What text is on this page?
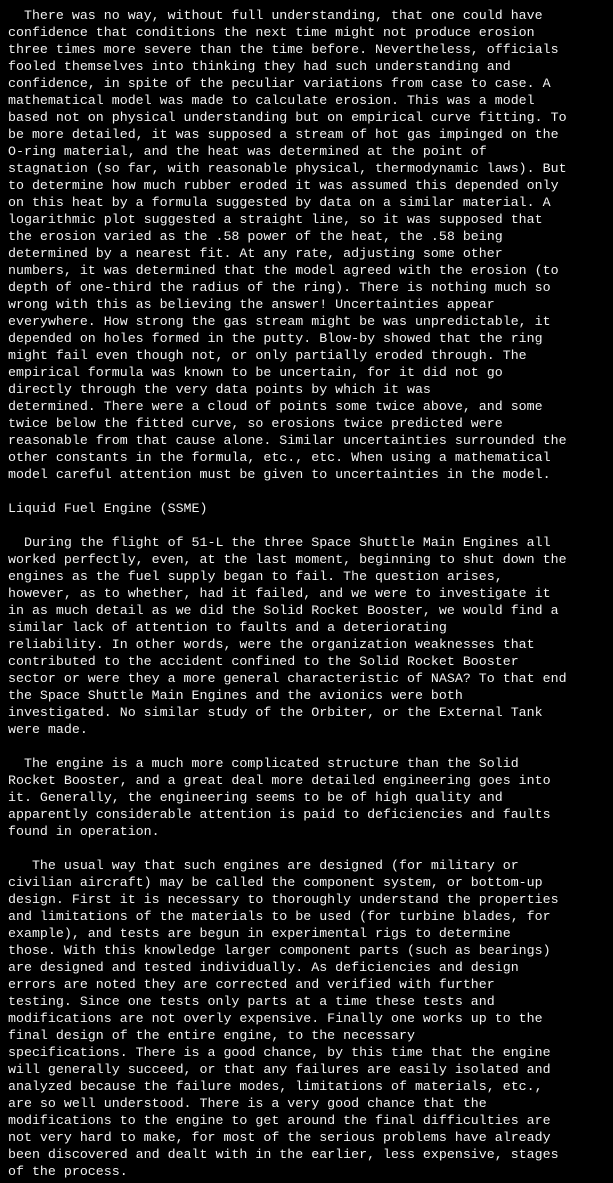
There was no way, without full understanding, that one could have
confidence that conditions the next time might not produce erosion
three times more severe than the time before. Nevertheless, officials
fooled themselves into thinking they had such understanding and
confidence, in spite of the peculiar variations from case to case. A
mathematical model was made to calculate erosion. This was a model
based not on physical understanding but on empirical curve fitting. To
be more detailed, it was supposed a stream of hot gas impinged on the
O-ring material, and the heat was determined at the point of
stagnation (so far, with reasonable physical, thermodynamic laws). But
to determine how much rubber eroded it was assumed this depended only
on this heat by a formula suggested by data on a similar material. A
logarithmic plot suggested a straight line, so it was supposed that
the erosion varied as the .58 power of the heat, the .58 being
determined by a nearest fit. At any rate, adjusting some other
numbers, it was determined that the model agreed with the erosion (to
depth of one-third the radius of the ring). There is nothing much so
wrong with this as believing the answer! Uncertainties appear
everywhere. How strong the gas stream might be was unpredictable, it
depended on holes formed in the putty. Blow-by showed that the ring
might fail even though not, or only partially eroded through. The
empirical formula was known to be uncertain, for it did not go
directly through the very data points by which it was
determined. There were a cloud of points some twice above, and some
twice below the fitted curve, so erosions twice predicted were
reasonable from that cause alone. Similar uncertainties surrounded the
other constants in the formula, etc., etc. When using a mathematical
model careful attention must be given to uncertainties in the model.
Liquid Fuel Engine (SSME)
During the flight of 51-L the three Space Shuttle Main Engines all
worked perfectly, even, at the last moment, beginning to shut down the
engines as the fuel supply began to fail. The question arises,
however, as to whether, had it failed, and we were to investigate it
in as much detail as we did the Solid Rocket Booster, we would find a
similar lack of attention to faults and a deteriorating
reliability. In other words, were the organization weaknesses that
contributed to the accident confined to the Solid Rocket Booster
sector or were they a more general characteristic of NASA? To that end
the Space Shuttle Main Engines and the avionics were both
investigated. No similar study of the Orbiter, or the External Tank
were made.
The engine is a much more complicated structure than the Solid
Rocket Booster, and a great deal more detailed engineering goes into
it. Generally, the engineering seems to be of high quality and
apparently considerable attention is paid to deficiencies and faults
found in operation.
The usual way that such engines are designed (for military or
civilian aircraft) may be called the component system, or bottom-up
design. First it is necessary to thoroughly understand the properties
and limitations of the materials to be used (for turbine blades, for
example), and tests are begun in experimental rigs to determine
those. With this knowledge larger component parts (such as bearings)
are designed and tested individually. As deficiencies and design
errors are noted they are corrected and verified with further
testing. Since one tests only parts at a time these tests and
modifications are not overly expensive. Finally one works up to the
final design of the entire engine, to the necessary
specifications. There is a good chance, by this time that the engine
will generally succeed, or that any failures are easily isolated and
analyzed because the failure modes, limitations of materials, etc.,
are so well understood. There is a very good chance that the
modifications to the engine to get around the final difficulties are
not very hard to make, for most of the serious problems have already
been discovered and dealt with in the earlier, less expensive, stages
of the process.
